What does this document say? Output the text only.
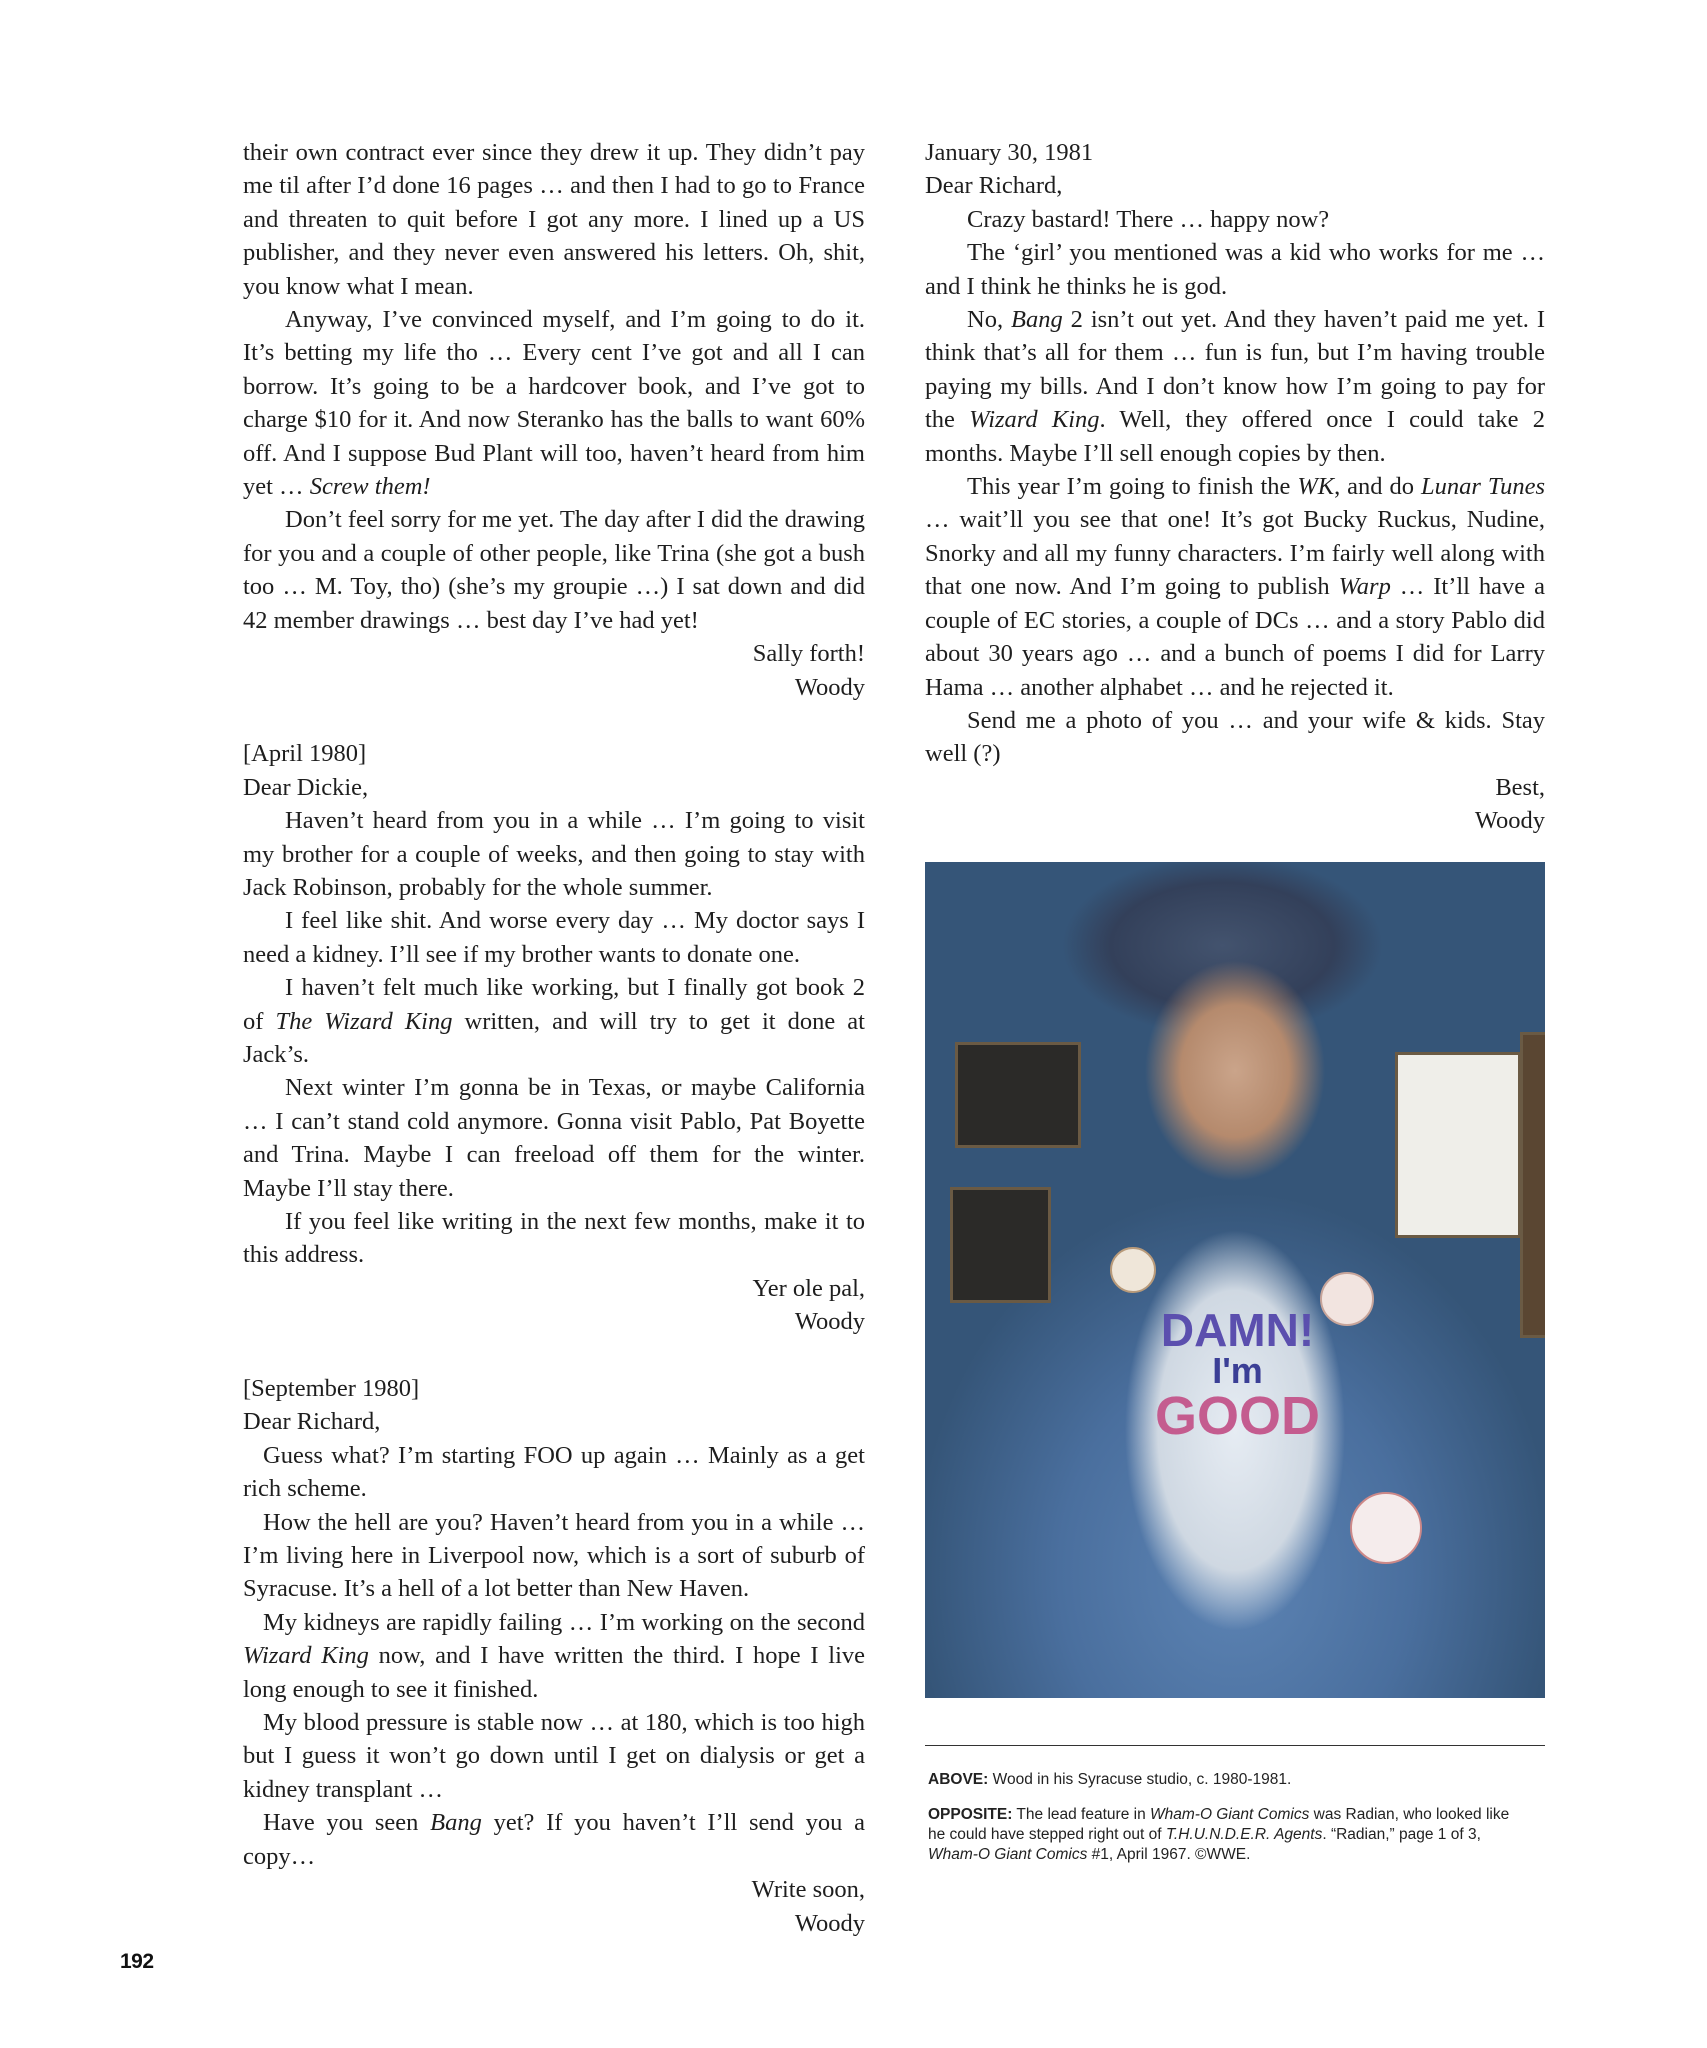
their own contract ever since they drew it up. They didn’t pay me til after I’d done 16 pages … and then I had to go to France and threaten to quit before I got any more. I lined up a US publisher, and they never even answered his letters. Oh, shit, you know what I mean.

Anyway, I’ve convinced myself, and I’m going to do it. It’s betting my life tho … Every cent I’ve got and all I can borrow. It’s going to be a hardcover book, and I’ve got to charge $10 for it. And now Steranko has the balls to want 60% off. And I suppose Bud Plant will too, haven’t heard from him yet … Screw them!

Don’t feel sorry for me yet. The day after I did the drawing for you and a couple of other people, like Trina (she got a bush too … M. Toy, tho) (she’s my groupie …) I sat down and did 42 member drawings … best day I’ve had yet!

Sally forth!

Woody

[April 1980]

Dear Dickie,

Haven’t heard from you in a while … I’m going to visit my brother for a couple of weeks, and then going to stay with Jack Robinson, probably for the whole summer.

I feel like shit. And worse every day … My doctor says I need a kidney. I’ll see if my brother wants to donate one.

I haven’t felt much like working, but I finally got book 2 of The Wizard King written, and will try to get it done at Jack’s.

Next winter I’m gonna be in Texas, or maybe California … I can’t stand cold anymore. Gonna visit Pablo, Pat Boyette and Trina. Maybe I can freeload off them for the winter. Maybe I’ll stay there.

If you feel like writing in the next few months, make it to this address.

Yer ole pal,

Woody

[September 1980]

Dear Richard,

Guess what? I’m starting FOO up again … Mainly as a get rich scheme.

How the hell are you? Haven’t heard from you in a while … I’m living here in Liverpool now, which is a sort of suburb of Syracuse. It’s a hell of a lot better than New Haven.

My kidneys are rapidly failing … I’m working on the second Wizard King now, and I have written the third. I hope I live long enough to see it finished.

My blood pressure is stable now … at 180, which is too high but I guess it won’t go down until I get on dialysis or get a kidney transplant …

Have you seen Bang yet? If you haven’t I’ll send you a copy…

Write soon,

Woody

January 30, 1981

Dear Richard,

Crazy bastard! There … happy now?

The ‘girl’ you mentioned was a kid who works for me … and I think he thinks he is god.

No, Bang 2 isn’t out yet. And they haven’t paid me yet. I think that’s all for them … fun is fun, but I’m having trouble paying my bills. And I don’t know how I’m going to pay for the Wizard King. Well, they offered once I could take 2 months. Maybe I’ll sell enough copies by then.

This year I’m going to finish the WK, and do Lunar Tunes … wait’ll you see that one! It’s got Bucky Ruckus, Nudine, Snorky and all my funny characters. I’m fairly well along with that one now. And I’m going to publish Warp … It’ll have a couple of EC stories, a couple of DCs … and a story Pablo did about 30 years ago … and a bunch of poems I did for Larry Hama … another alphabet … and he rejected it.

Send me a photo of you … and your wife & kids. Stay well (?)

Best,

Woody

DAMN!
I'm
GOOD

ABOVE: Wood in his Syracuse studio, c. 1980-1981.

OPPOSITE: The lead feature in Wham-O Giant Comics was Radian, who looked like he could have stepped right out of T.H.U.N.D.E.R. Agents. “Radian,” page 1 of 3, Wham-O Giant Comics #1, April 1967. ©WWE.

192
